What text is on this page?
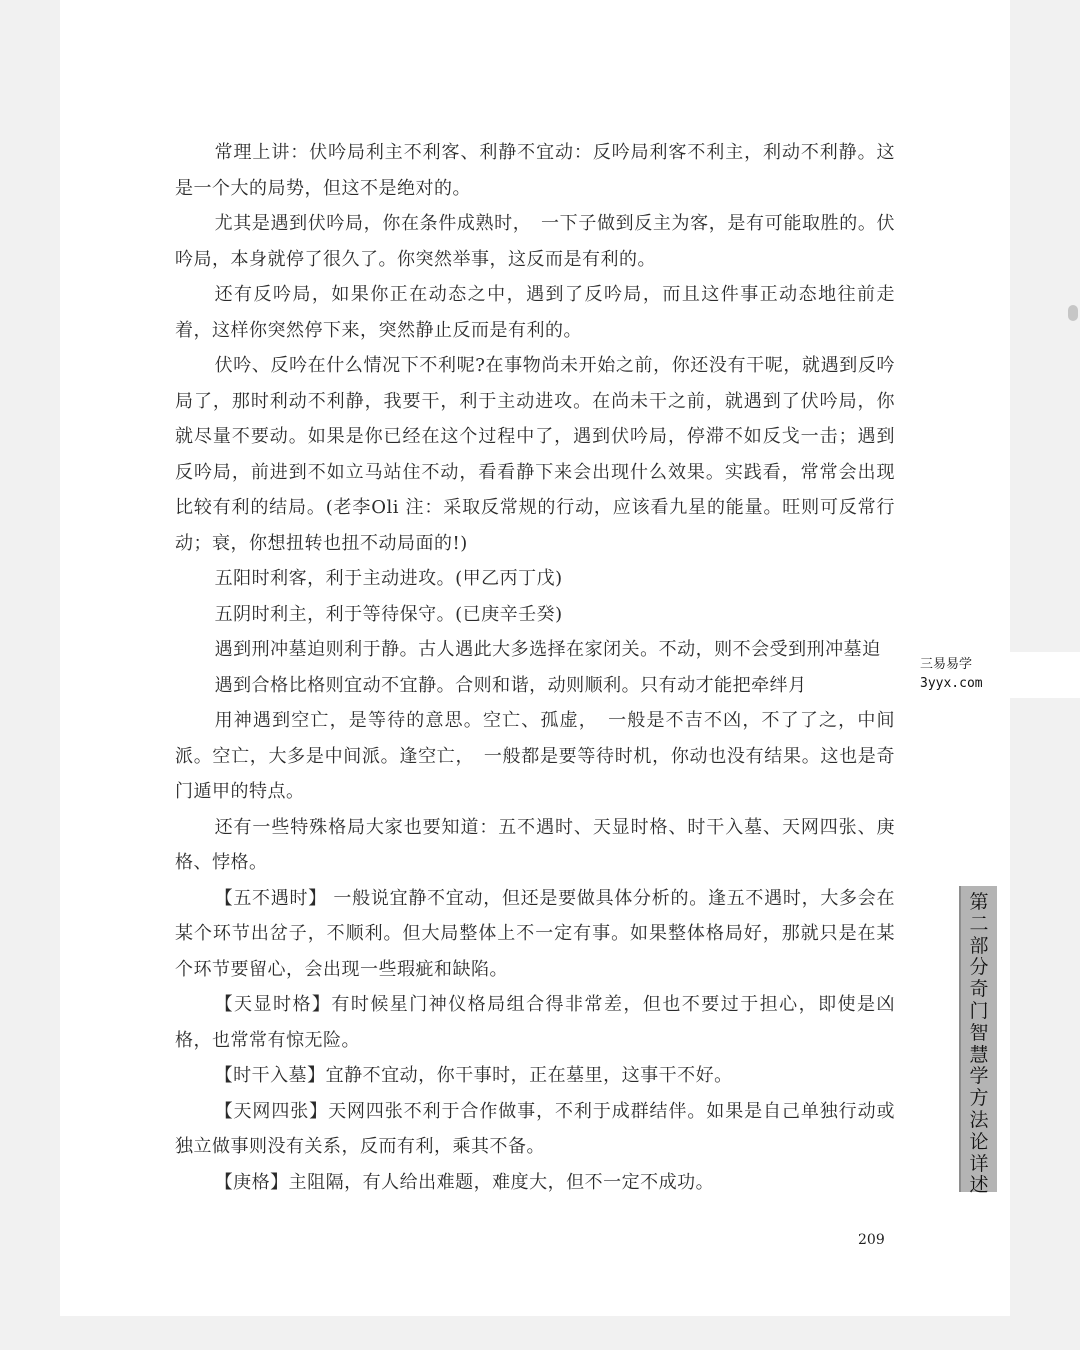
常理上讲：伏吟局利主不利客、利静不宜动：反吟局利客不利主，利动不利静。这是一个大的局势，但这不是绝对的。

尤其是遇到伏吟局，你在条件成熟时，　一下子做到反主为客，是有可能取胜的。伏吟局，本身就停了很久了。你突然举事，这反而是有利的。

还有反吟局，如果你正在动态之中，遇到了反吟局，而且这件事正动态地往前走着，这样你突然停下来，突然静止反而是有利的。

伏吟、反吟在什么情况下不利呢?在事物尚未开始之前，你还没有干呢，就遇到反吟局了，那时利动不利静，我要干，利于主动进攻。在尚未干之前，就遇到了伏吟局，你就尽量不要动。如果是你已经在这个过程中了，遇到伏吟局，停滞不如反戈一击；遇到反吟局，前进到不如立马站住不动，看看静下来会出现什么效果。实践看，常常会出现比较有利的结局。(老李Oli 注：采取反常规的行动，应该看九星的能量。旺则可反常行动；衰，你想扭转也扭不动局面的!)

五阳时利客，利于主动进攻。(甲乙丙丁戊)

五阴时利主，利于等待保守。(已庚辛壬癸)

遇到刑冲墓迫则利于静。古人遇此大多选择在家闭关。不动，则不会受到刑冲墓迫

遇到合格比格则宜动不宜静。合则和谐，动则顺利。只有动才能把牵绊月

用神遇到空亡，是等待的意思。空亡、孤虚，　一般是不吉不凶，不了了之，中间派。空亡，大多是中间派。逢空亡，　一般都是要等待时机，你动也没有结果。这也是奇门遁甲的特点。

还有一些特殊格局大家也要知道：五不遇时、天显时格、时干入墓、天网四张、庚格、悖格。

【五不遇时】 一般说宜静不宜动，但还是要做具体分析的。逢五不遇时，大多会在某个环节出岔子，不顺利。但大局整体上不一定有事。如果整体格局好，那就只是在某个环节要留心，会出现一些瑕疵和缺陷。

【天显时格】有时候星门神仪格局组合得非常差，但也不要过于担心，即使是凶格，也常常有惊无险。

【时干入墓】宜静不宜动，你干事时，正在墓里，这事干不好。

【天网四张】天网四张不利于合作做事，不利于成群结伴。如果是自己单独行动或独立做事则没有关系，反而有利，乘其不备。

【庚格】主阻隔，有人给出难题，难度大，但不一定不成功。

三易易学
3yyx.com
第
二
部
分
奇
门
智
慧
学
方
法
论
详
述
209
